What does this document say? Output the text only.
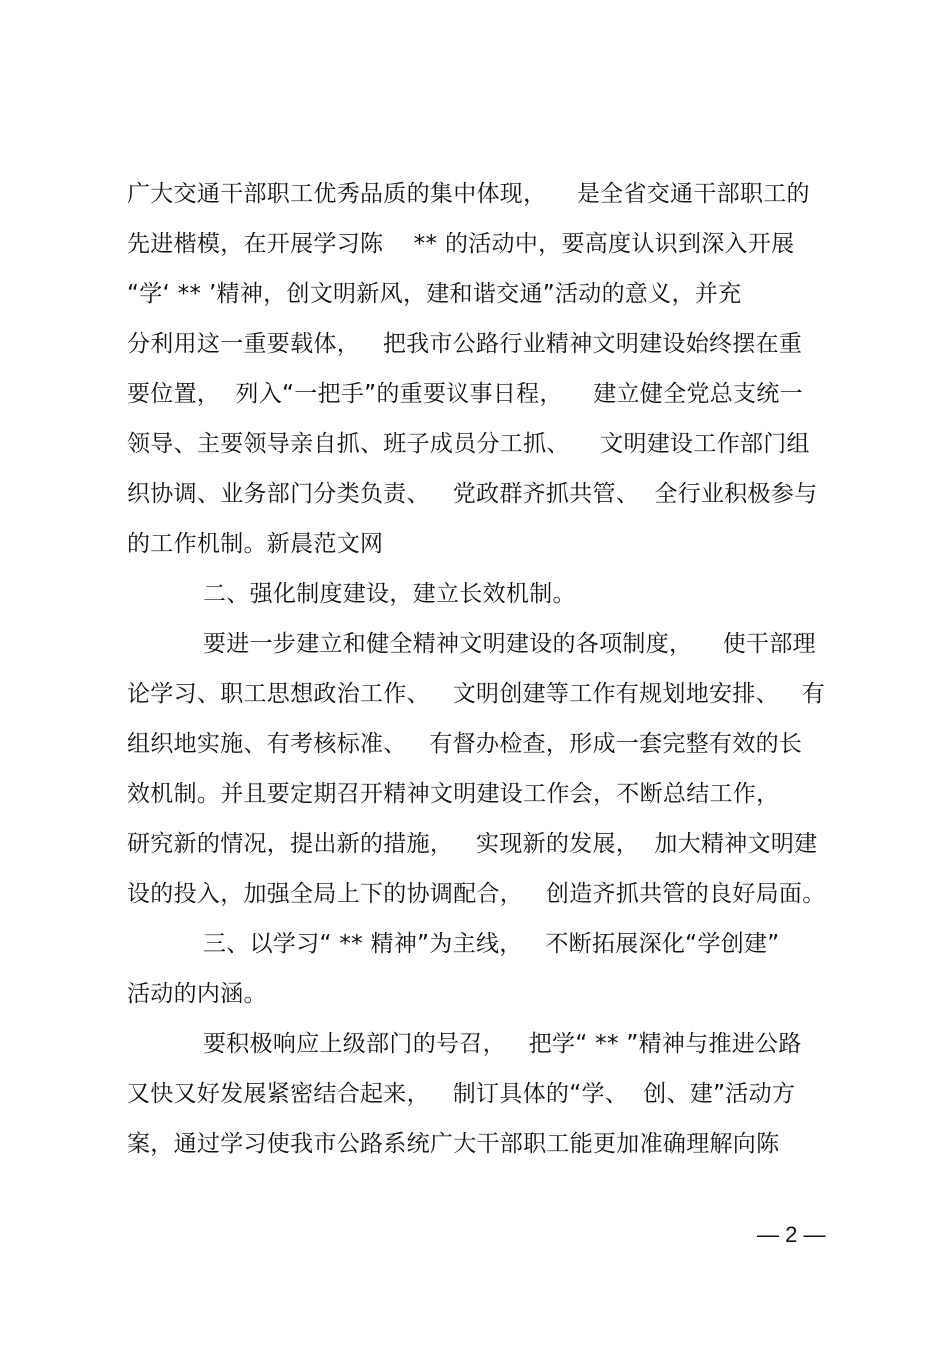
广大交通干部职工优秀品质的集中体现，    是全省交通干部职工的
先进楷模，在开展学习陈    ** 的活动中，要高度认识到深入开展
“学‘ ** ’精神，创文明新风，建和谐交通”活动的意义，并充
分利用这一重要载体，   把我市公路行业精神文明建设始终摆在重
要位置，  列入“一把手”的重要议事日程，    建立健全党总支统一
领导、主要领导亲自抓、班子成员分工抓、    文明建设工作部门组
织协调、业务部门分类负责、   党政群齐抓共管、  全行业积极参与
的工作机制。新晨范文网
二、强化制度建设，建立长效机制。
要进一步建立和健全精神文明建设的各项制度，    使干部理
论学习、职工思想政治工作、   文明创建等工作有规划地安排、   有
组织地实施、有考核标准、   有督办检查，形成一套完整有效的长
效机制。并且要定期召开精神文明建设工作会，不断总结工作，
研究新的情况，提出新的措施，   实现新的发展，  加大精神文明建
设的投入，加强全局上下的协调配合，   创造齐抓共管的良好局面。
三、以学习“ ** 精神”为主线，   不断拓展深化“学创建”
活动的内涵。
要积极响应上级部门的号召，   把学“ ** ”精神与推进公路
又快又好发展紧密结合起来，   制订具体的“学、  创、建”活动方
案，通过学习使我市公路系统广大干部职工能更加准确理解向陈
— 2 —
